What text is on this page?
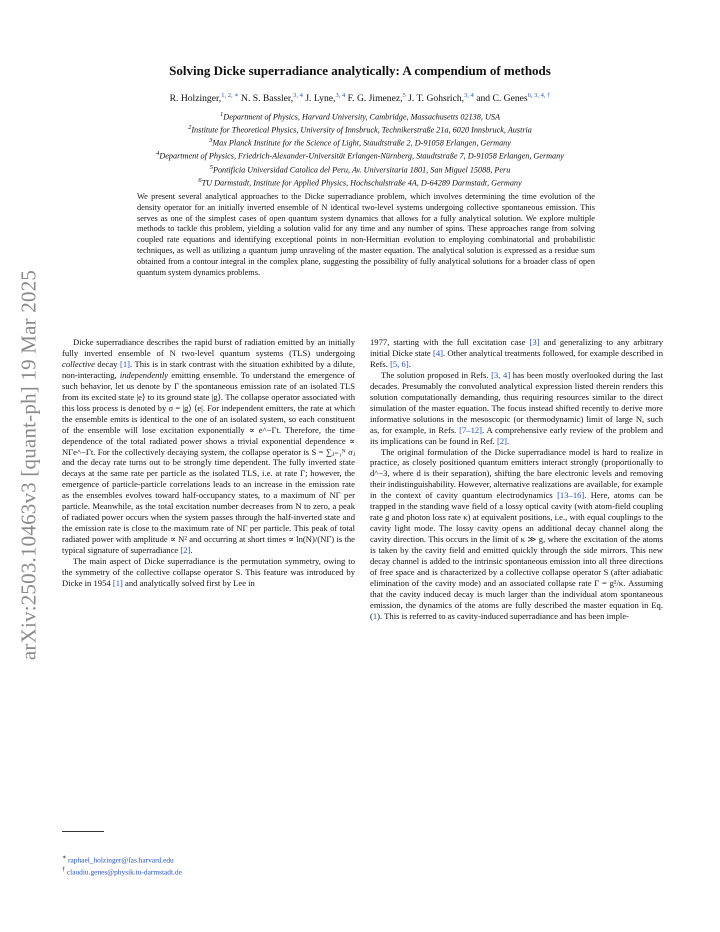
arXiv:2503.10463v3 [quant-ph] 19 Mar 2025
Solving Dicke superradiance analytically: A compendium of methods
R. Holzinger,$^{1, 2, ∗}$ N. S. Bassler,$^{3, 4}$ J. Lyne,$^{3, 4}$ F. G. Jimenez,$^5$ J. T. Gohsrich,$^{3, 4}$ and C. Genes$^{6, 3, 4, \dagger}$
$^1$Department of Physics, Harvard University, Cambridge, Massachusetts 02138, USA
$^2$Institute for Theoretical Physics, University of Innsbruck, Technikerstraße 21a, 6020 Innsbruck, Austria
$^3$Max Planck Institute for the Science of Light, Staudtstraße 2, D-91058 Erlangen, Germany
$^4$Department of Physics, Friedrich-Alexander-Universität Erlangen-Nürnberg, Staudtstraße 7, D-91058 Erlangen, Germany
$^5$Pontificia Universidad Catolica del Peru, Av. Universitaria 1801, San Miguel 15088, Peru
$^6$TU Darmstadt, Institute for Applied Physics, Hochschulstraße 4A, D-64289 Darmstadt, Germany
We present several analytical approaches to the Dicke superradiance problem, which involves determining the time evolution of the density operator for an initially inverted ensemble of N identical two-level systems undergoing collective spontaneous emission. This serves as one of the simplest cases of open quantum system dynamics that allows for a fully analytical solution. We explore multiple methods to tackle this problem, yielding a solution valid for any time and any number of spins. These approaches range from solving coupled rate equations and identifying exceptional points in non-Hermitian evolution to employing combinatorial and probabilistic techniques, as well as utilizing a quantum jump unraveling of the master equation. The analytical solution is expressed as a residue sum obtained from a contour integral in the complex plane, suggesting the possibility of fully analytical solutions for a broader class of open quantum system dynamics problems.

Dicke superradiance describes the rapid burst of radiation emitted by an initially fully inverted ensemble of N two-level quantum systems (TLS) undergoing collective decay [1]. This is in stark contrast with the situation exhibited by a dilute, non-interacting, independently emitting ensemble. To understand the emergence of such behavior, let us denote by Γ the spontaneous emission rate of an isolated TLS from its excited state |e⟩ to its ground state |g⟩. The collapse operator associated with this loss process is denoted by σ = |g⟩ ⟨e|. For independent emitters, the rate at which the ensemble emits is identical to the one of an isolated system, so each constituent of the ensemble will lose excitation exponentially ∝ e^−Γt. Therefore, the time dependence of the total radiated power shows a trivial exponential dependence ∝ NΓe^−Γt. For the collectively decaying system, the collapse operator is S = ∑ⱼ₌₁ᴺ σⱼ and the decay rate turns out to be strongly time dependent. The fully inverted state decays at the same rate per particle as the isolated TLS, i.e. at rate Γ; however, the emergence of particle-particle correlations leads to an increase in the emission rate as the ensembles evolves toward half-occupancy states, to a maximum of NΓ per particle. Meanwhile, as the total excitation number decreases from N to zero, a peak of radiated power occurs when the system passes through the half-inverted state and the emission rate is close to the maximum rate of NΓ per particle. This peak of total radiated power with amplitude ∝ N² and occurring at short times ∝ ln(N)/(NΓ) is the typical signature of superradiance [2].

The main aspect of Dicke superradiance is the permutation symmetry, owing to the symmetry of the collective collapse operator S. This feature was introduced by Dicke in 1954 [1] and analytically solved first by Lee in

1977, starting with the full excitation case [3] and generalizing to any arbitrary initial Dicke state [4]. Other analytical treatments followed, for example described in Refs. [5, 6].

The solution proposed in Refs. [3, 4] has been mostly overlooked during the last decades. Presumably the convoluted analytical expression listed therein renders this solution computationally demanding, thus requiring resources similar to the direct simulation of the master equation. The focus instead shifted recently to derive more informative solutions in the mesoscopic (or thermodynamic) limit of large N, such as, for example, in Refs. [7–12]. A comprehensive early review of the problem and its implications can be found in Ref. [2].

The original formulation of the Dicke superradiance model is hard to realize in practice, as closely positioned quantum emitters interact strongly (proportionally to d^−3, where d is their separation), shifting the bare electronic levels and removing their indistinguishability. However, alternative realizations are available, for example in the context of cavity quantum electrodynamics [13–16]. Here, atoms can be trapped in the standing wave field of a lossy optical cavity (with atom-field coupling rate g and photon loss rate κ) at equivalent positions, i.e., with equal couplings to the cavity light mode. The lossy cavity opens an additional decay channel along the cavity direction. This occurs in the limit of κ ≫ g, where the excitation of the atoms is taken by the cavity field and emitted quickly through the side mirrors. This new decay channel is added to the intrinsic spontaneous emission into all three directions of free space and is characterized by a collective collapse operator S (after adiabatic elimination of the cavity mode) and an associated collapse rate Γ = g²/κ. Assuming that the cavity induced decay is much larger than the individual atom spontaneous emission, the dynamics of the atoms are fully described the master equation in Eq. (1). This is referred to as cavity-induced superradiance and has been imple-

∗ raphael_holzinger@fas.harvard.edu
† claudiu.genes@physik.tu-darmstadt.de
